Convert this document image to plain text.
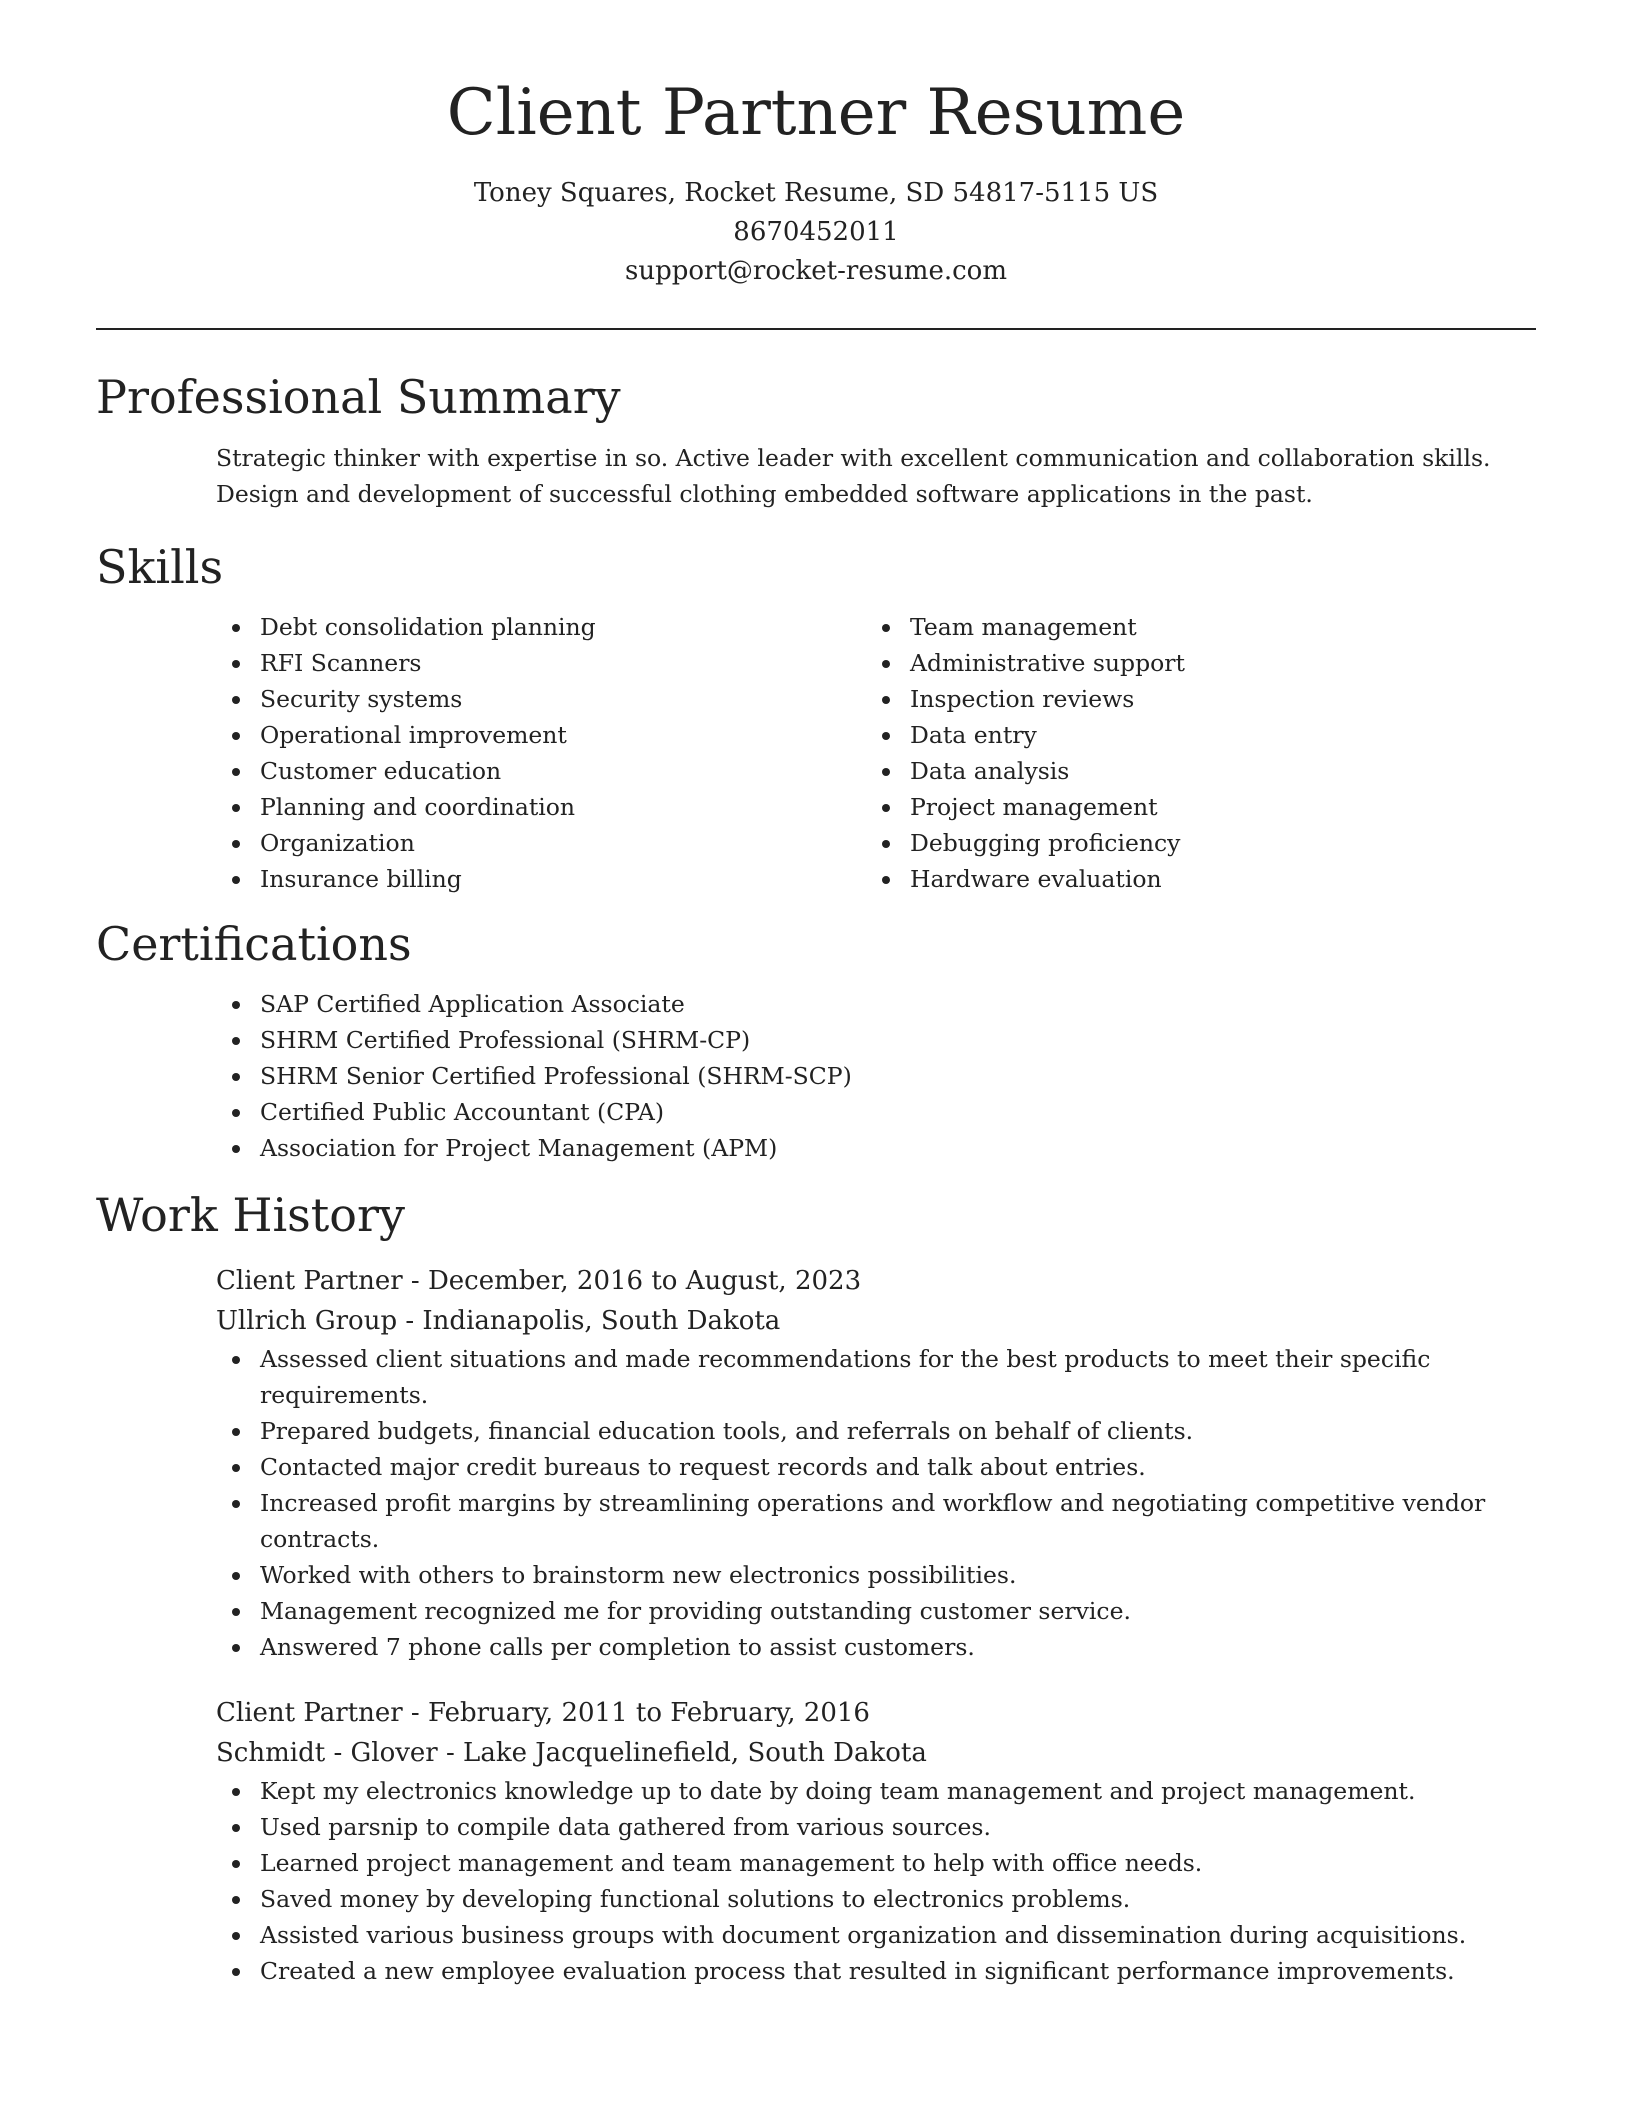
Client Partner Resume
Toney Squares, Rocket Resume, SD 54817-5115 US
8670452011
support@rocket-resume.com
Professional Summary
Strategic thinker with expertise in so. Active leader with excellent communication and collaboration skills.
Design and development of successful clothing embedded software applications in the past.
Skills
Debt consolidation planning
RFI Scanners
Security systems
Operational improvement
Customer education
Planning and coordination
Organization
Insurance billing
Team management
Administrative support
Inspection reviews
Data entry
Data analysis
Project management
Debugging proficiency
Hardware evaluation
Certifications
SAP Certified Application Associate
SHRM Certified Professional (SHRM-CP)
SHRM Senior Certified Professional (SHRM-SCP)
Certified Public Accountant (CPA)
Association for Project Management (APM)
Work History
Client Partner - December, 2016 to August, 2023
Ullrich Group - Indianapolis, South Dakota
Assessed client situations and made recommendations for the best products to meet their specific requirements.
Prepared budgets, financial education tools, and referrals on behalf of clients.
Contacted major credit bureaus to request records and talk about entries.
Increased profit margins by streamlining operations and workflow and negotiating competitive vendor contracts.
Worked with others to brainstorm new electronics possibilities.
Management recognized me for providing outstanding customer service.
Answered 7 phone calls per completion to assist customers.
Client Partner - February, 2011 to February, 2016
Schmidt - Glover - Lake Jacquelinefield, South Dakota
Kept my electronics knowledge up to date by doing team management and project management.
Used parsnip to compile data gathered from various sources.
Learned project management and team management to help with office needs.
Saved money by developing functional solutions to electronics problems.
Assisted various business groups with document organization and dissemination during acquisitions.
Created a new employee evaluation process that resulted in significant performance improvements.
